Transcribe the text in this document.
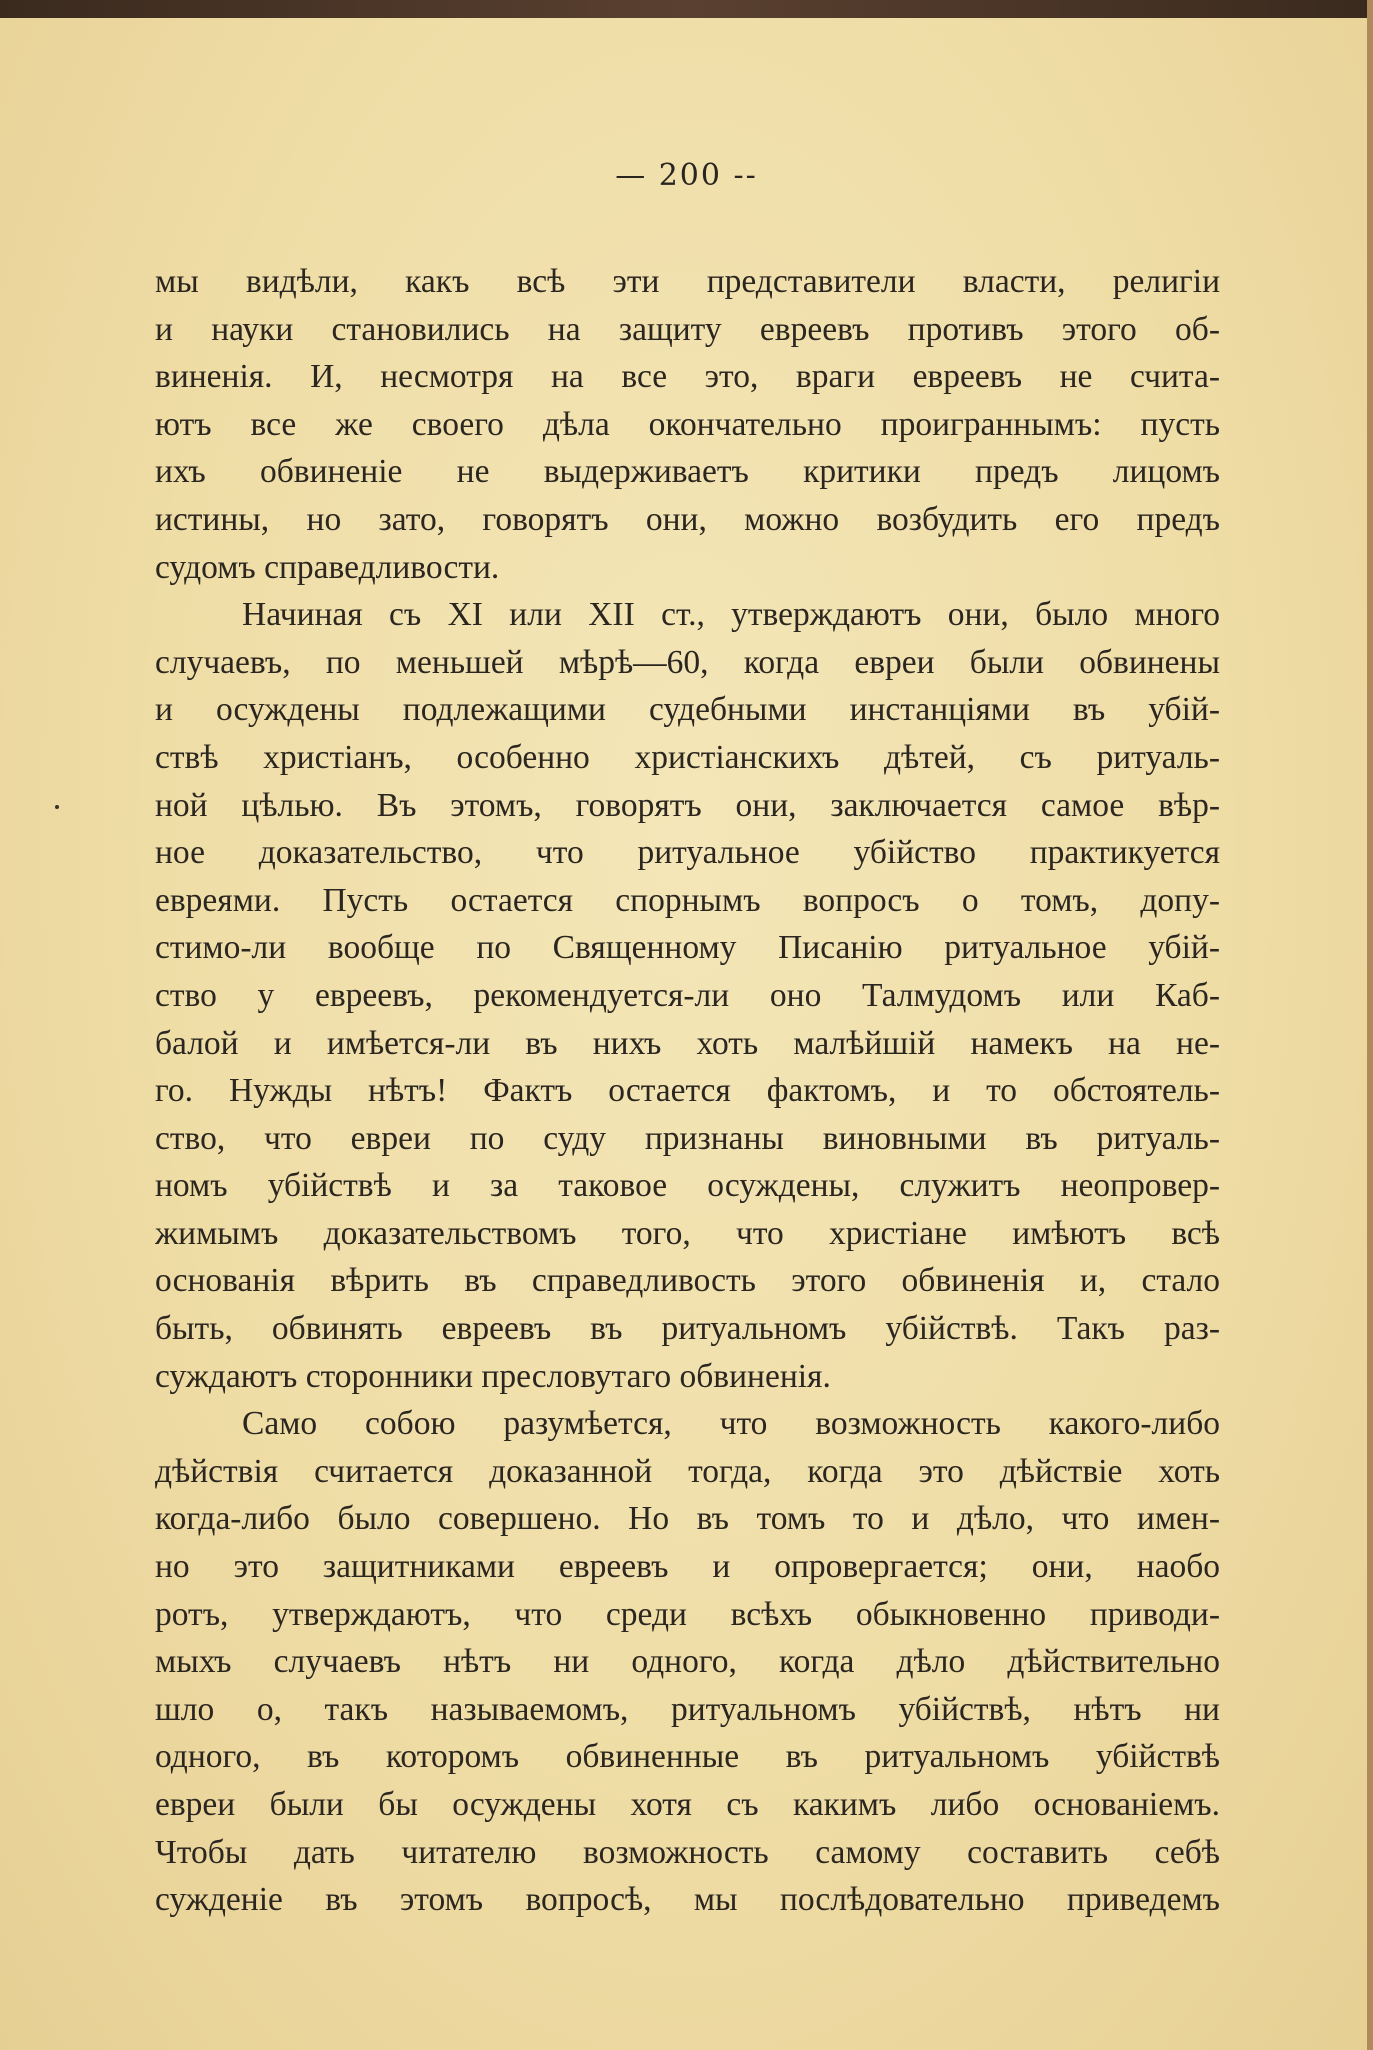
— 200 --
мы видѣли, какъ всѣ эти представители власти, религіи
и науки становились на защиту евреевъ противъ этого об-
виненія. И, несмотря на все это, враги евреевъ не счита-
ютъ все же своего дѣла окончательно проиграннымъ: пусть
ихъ обвиненіе не выдерживаетъ критики предъ лицомъ
истины, но зато, говорятъ они, можно возбудить его предъ
судомъ справедливости.
Начиная съ XI или XII ст., утверждаютъ они, было много
случаевъ, по меньшей мѣрѣ—60, когда евреи были обвинены
и осуждены подлежащими судебными инстанціями въ убій-
ствѣ христіанъ, особенно христіанскихъ дѣтей, съ ритуаль-
ной цѣлью. Въ этомъ, говорятъ они, заключается самое вѣр-
ное доказательство, что ритуальное убійство практикуется
евреями. Пусть остается спорнымъ вопросъ о томъ, допу-
стимо-ли вообще по Священному Писанію ритуальное убій-
ство у евреевъ, рекомендуется-ли оно Талмудомъ или Каб-
балой и имѣется-ли въ нихъ хоть малѣйшій намекъ на не-
го. Нужды нѣтъ! Фактъ остается фактомъ, и то обстоятель-
ство, что евреи по суду признаны виновными въ ритуаль-
номъ убійствѣ и за таковое осуждены, служитъ неопровер-
жимымъ доказательствомъ того, что христіане имѣютъ всѣ
основанія вѣрить въ справедливость этого обвиненія и, стало
быть, обвинять евреевъ въ ритуальномъ убійствѣ. Такъ раз-
суждаютъ сторонники пресловутаго обвиненія.
Само собою разумѣется, что возможность какого-либо
дѣйствія считается доказанной тогда, когда это дѣйствіе хоть
когда-либо было совершено. Но въ томъ то и дѣло, что имен-
но это защитниками евреевъ и опровергается; они, наобо
ротъ, утверждаютъ, что среди всѣхъ обыкновенно приводи-
мыхъ случаевъ нѣтъ ни одного, когда дѣло дѣйствительно
шло о, такъ называемомъ, ритуальномъ убійствѣ, нѣтъ ни
одного, въ которомъ обвиненные въ ритуальномъ убійствѣ
евреи были бы осуждены хотя съ какимъ либо основаніемъ.
Чтобы дать читателю возможность самому составить себѣ
сужденіе въ этомъ вопросѣ, мы послѣдовательно приведемъ
